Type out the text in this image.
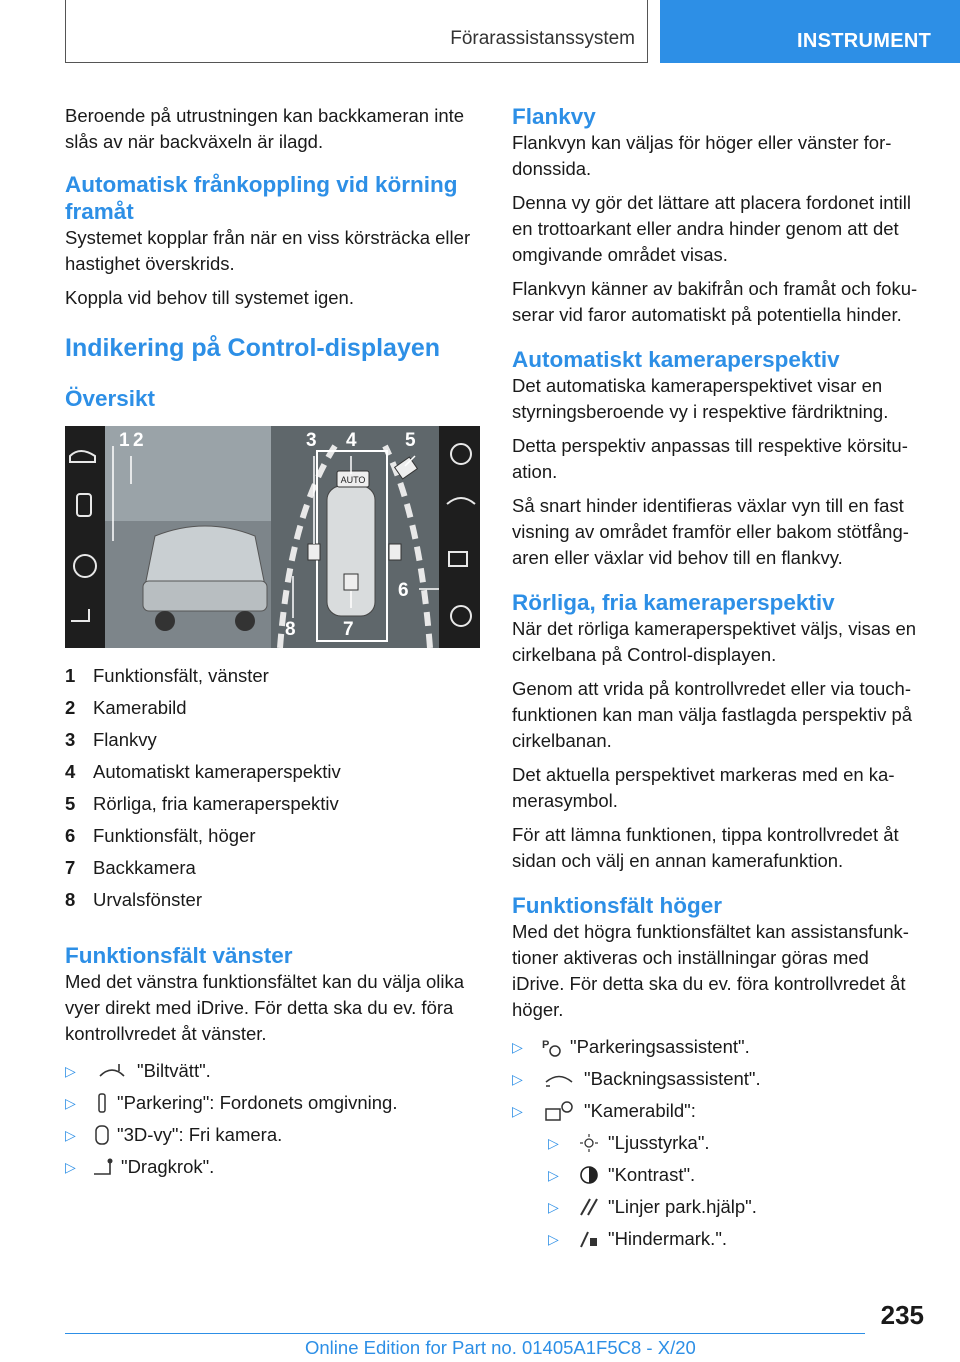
Förarassistanssystem	INSTRUMENT

Beroende på utrustningen kan backkameran inte slås av när backväxeln är ilagd.

Automatisk frånkoppling vid körning framåt

Systemet kopplar från när en viss körsträcka eller hastighet överskrids.

Koppla vid behov till systemet igen.

Indikering på Control-displayen
Översikt
AUTO
1 2	3 4	5
6
7
8
1 Funktionsfält, vänster
2 Kamerabild
3 Flankvy
4 Automatiskt kameraperspektiv
5 Rörliga, fria kameraperspektiv
6 Funktionsfält, höger
7 Backkamera
8 Urvalsfönster
Funktionsfält vänster

Med det vänstra funktionsfältet kan du välja olika vyer direkt med iDrive. För detta ska du ev. föra kontrollvredet åt vänster.

▷	"Biltvätt".
▷	"Parkering": Fordonets omgivning.
▷	"3D-vy": Fri kamera.
▷	"Dragkrok".
Flankvy

Flankvyn kan väljas för höger eller vänster fordonssida.

Denna vy gör det lättare att placera fordonet intill en trottoarkant eller andra hinder genom att det omgivande området visas.

Flankvyn känner av bakifrån och framåt och fokuserar vid faror automatiskt på potentiella hinder.

Automatiskt kameraperspektiv

Det automatiska kameraperspektivet visar en styrningsberoende vy i respektive färdriktning.

Detta perspektiv anpassas till respektive körsituation.

Så snart hinder identifieras växlar vyn till en fast visning av området framför eller bakom stötfångaren eller växlar vid behov till en flankvy.

Rörliga, fria kameraperspektiv

När det rörliga kameraperspektivet väljs, visas en cirkelbana på Control-displayen.

Genom att vrida på kontrollvredet eller via touchfunktionen kan man välja fastlagda perspektiv på cirkelbanan.

Det aktuella perspektivet markeras med en kamerasymbol.

För att lämna funktionen, tippa kontrollvredet åt sidan och välj en annan kamerafunktion.

Funktionsfält höger

Med det högra funktionsfältet kan assistansfunktioner aktiveras och inställningar göras med iDrive. För detta ska du ev. föra kontrollvredet åt höger.

▷	P "Parkeringsassistent".
▷	"Backningsassistent".
▷	"Kamerabild":
▷	"Ljusstyrka".
▷	"Kontrast".
▷	"Linjer park.hjälp".
▷	"Hindermark.".
235
Online Edition for Part no. 01405A1F5C8 - X/20
